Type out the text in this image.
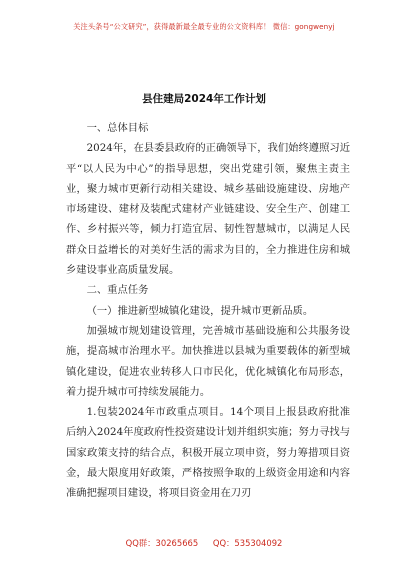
关注头条号“公文研究”，获得最新最全最专业的公文资料库！ 微信：gongwenyj
县住建局2024年工作计划

一、总体目标

2024年，在县委县政府的正确领导下，我们始终遵照习近平“以人民为中心”的指导思想，突出党建引领，聚焦主责主业，聚力城市更新行动相关建设、城乡基础设施建设、房地产市场建设、建材及装配式建材产业链建设、安全生产、创建工作、乡村振兴等，倾力打造宜居、韧性智慧城市，以满足人民群众日益增长的对美好生活的需求为目的，全力推进住房和城乡建设事业高质量发展。

二、重点任务

（一）推进新型城镇化建设，提升城市更新品质。

加强城市规划建设管理，完善城市基础设施和公共服务设施，提高城市治理水平。加快推进以县城为重要载体的新型城镇化建设，促进农业转移人口市民化，优化城镇化布局形态，着力提升城市可持续发展能力。

1.包装2024年市政重点项目。14个项目上报县政府批准后纳入2024年度政府性投资建设计划并组织实施；努力寻找与国家政策支持的结合点，积极开展立项申资，努力筹措项目资金，最大限度用好政策，严格按照争取的上级资金用途和内容准确把握项目建设，将项目资金用在刀刃

QQ群：30265665 QQ：535304092
